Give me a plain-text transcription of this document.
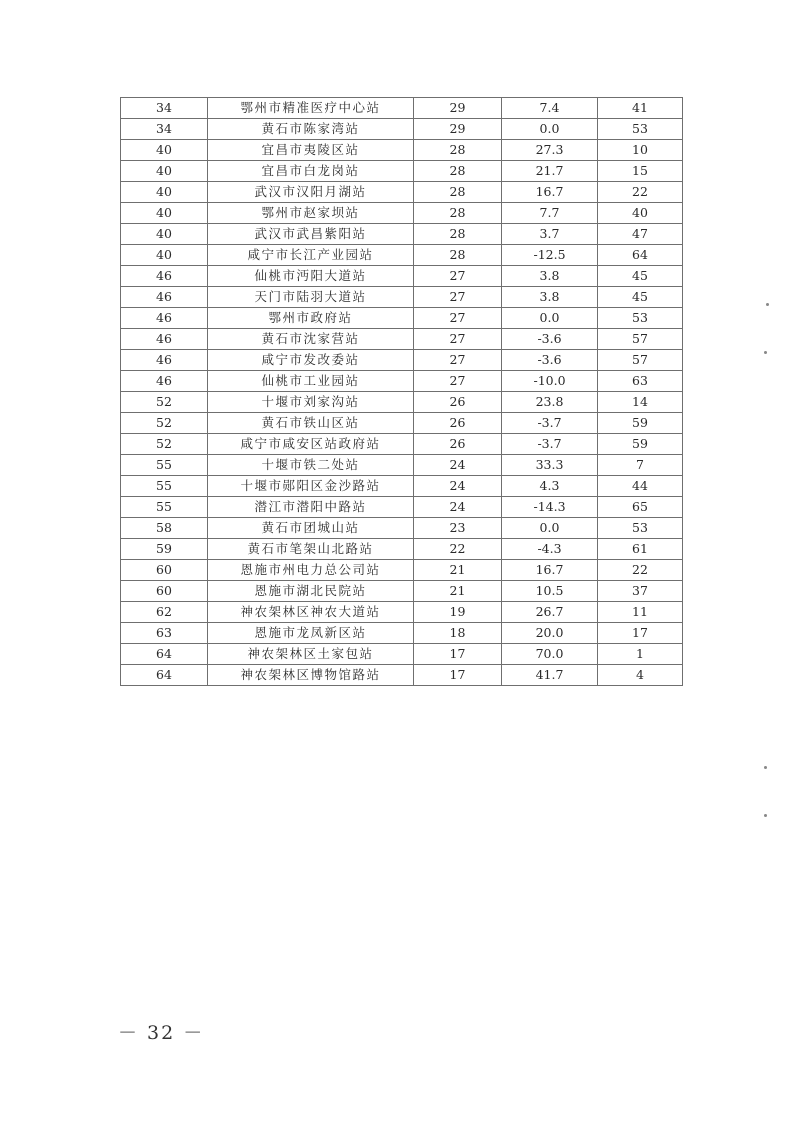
34	鄂州市精准医疗中心站	29	7.4	41
34	黄石市陈家湾站	29	0.0	53
40	宜昌市夷陵区站	28	27.3	10
40	宜昌市白龙岗站	28	21.7	15
40	武汉市汉阳月湖站	28	16.7	22
40	鄂州市赵家坝站	28	7.7	40
40	武汉市武昌紫阳站	28	3.7	47
40	咸宁市长江产业园站	28	-12.5	64
46	仙桃市沔阳大道站	27	3.8	45
46	天门市陆羽大道站	27	3.8	45
46	鄂州市政府站	27	0.0	53
46	黄石市沈家营站	27	-3.6	57
46	咸宁市发改委站	27	-3.6	57
46	仙桃市工业园站	27	-10.0	63
52	十堰市刘家沟站	26	23.8	14
52	黄石市铁山区站	26	-3.7	59
52	咸宁市咸安区站政府站	26	-3.7	59
55	十堰市铁二处站	24	33.3	7
55	十堰市郧阳区金沙路站	24	4.3	44
55	潜江市潜阳中路站	24	-14.3	65
58	黄石市团城山站	23	0.0	53
59	黄石市笔架山北路站	22	-4.3	61
60	恩施市州电力总公司站	21	16.7	22
60	恩施市湖北民院站	21	10.5	37
62	神农架林区神农大道站	19	26.7	11
63	恩施市龙凤新区站	18	20.0	17
64	神农架林区土家包站	17	70.0	1
64	神农架林区博物馆路站	17	41.7	4
－ 32 －
